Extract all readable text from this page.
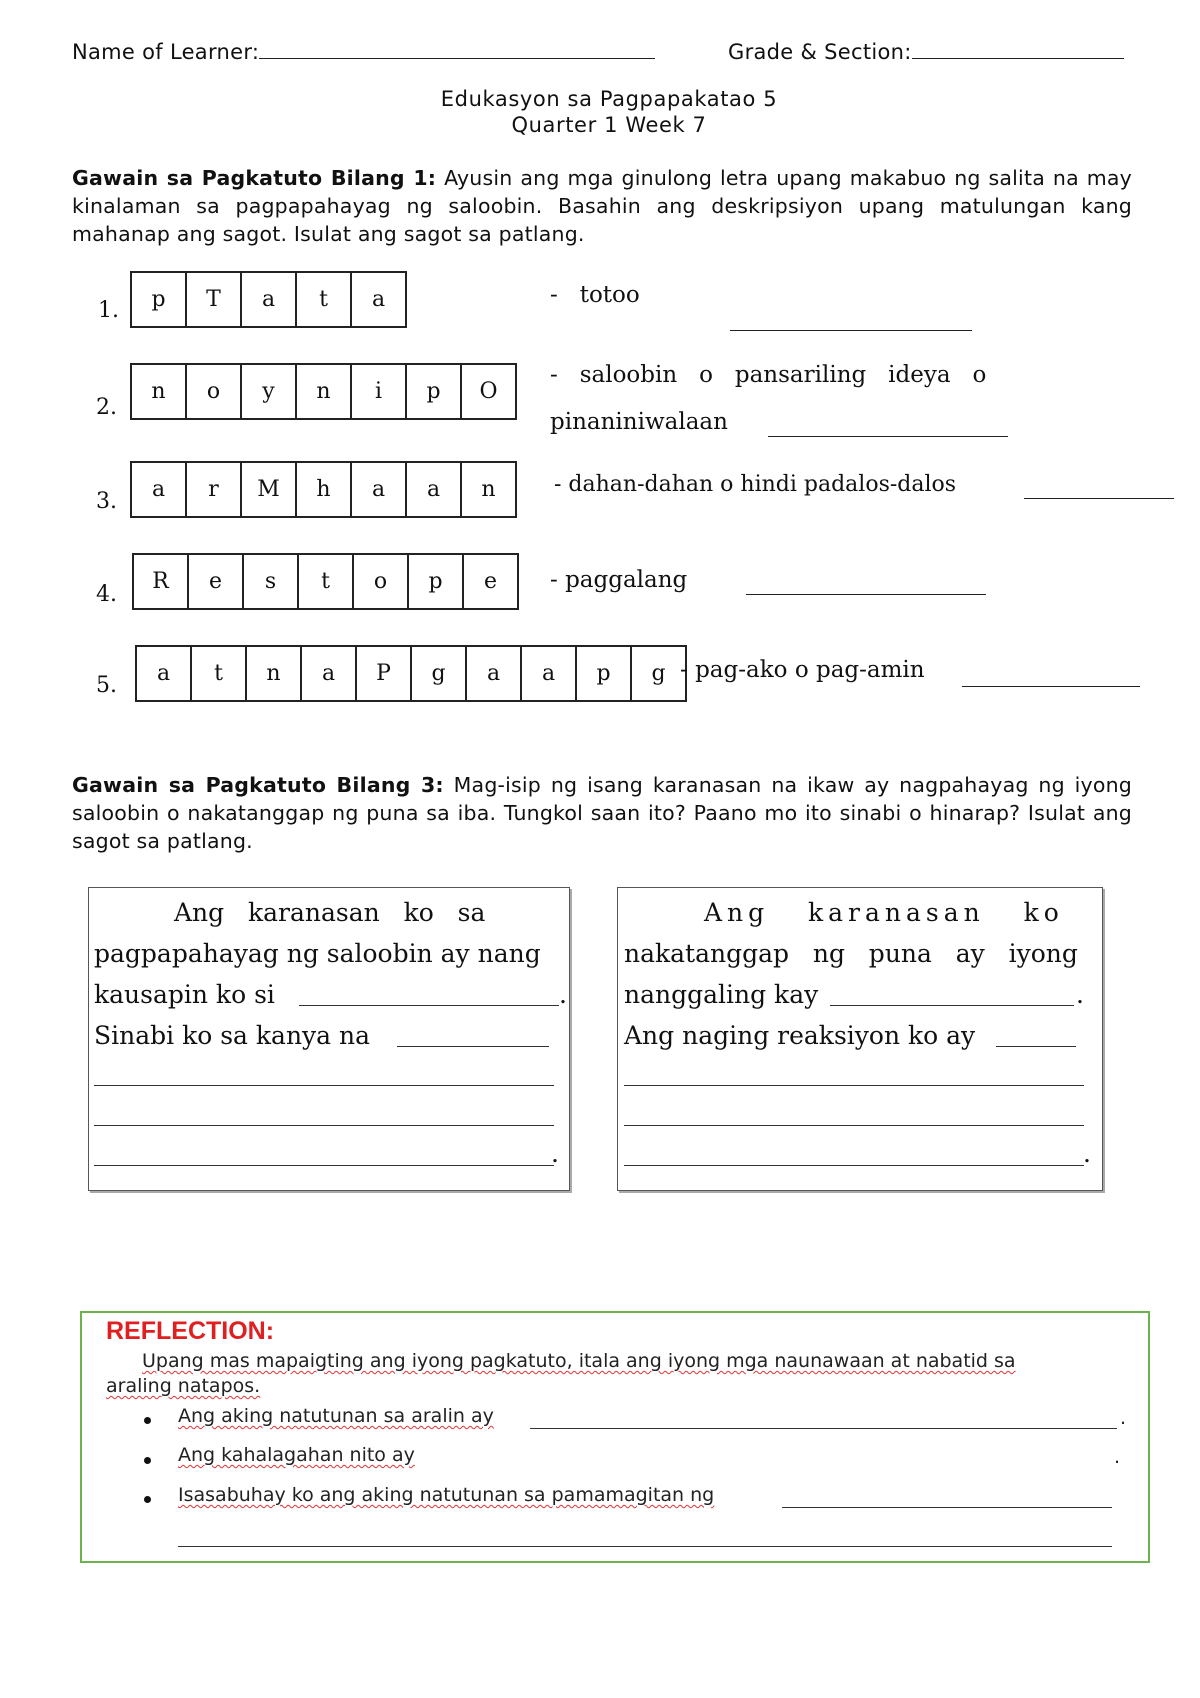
Name of Learner:	Grade & Section:
Edukasyon sa Pagpapakatao 5
Quarter 1 Week 7
Gawain sa Pagkatuto Bilang 1: Ayusin ang mga ginulong letra upang makabuo ng salita na may kinalaman sa pagpapahayag ng saloobin. Basahin ang deskripsiyon upang matulungan kang mahanap ang sagot. Isulat ang sagot sa patlang.
1.	p	T	a	t	a	-   totoo
2.
n	o	y	n	i	p	O
-   saloobin   o   pansariling   ideya   o
pinaniniwalaan
3.	a	r	M	h	a	a	n	- dahan-dahan o hindi padalos-dalos
4.
R	e	s	t	o	p	e	- paggalang
5.	a	t	n	a	P	g	a	a	p	g - pag-ako o pag-amin
Gawain sa Pagkatuto Bilang 3: Mag-isip ng isang karanasan na ikaw ay nagpahayag ng iyong saloobin o nakatanggap ng puna sa iba. Tungkol saan ito? Paano mo ito sinabi o hinarap? Isulat ang sagot sa patlang.
Ang   karanasan   ko   sa
pagpapahayag ng saloobin ay nang
kausapin ko si	.
Sinabi ko sa kanya na
.
Ang   karanasan   ko
nakatanggap   ng   puna   ay   iyong
nanggaling kay	.
Ang naging reaksiyon ko ay
.
REFLECTION:
Upang mas mapaigting ang iyong pagkatuto, itala ang iyong mga naunawaan at nabatid sa
araling natapos.
Ang aking natutunan sa aralin ay	.
Ang kahalagahan nito ay	.
Isasabuhay ko ang aking natutunan sa pamamagitan ng
